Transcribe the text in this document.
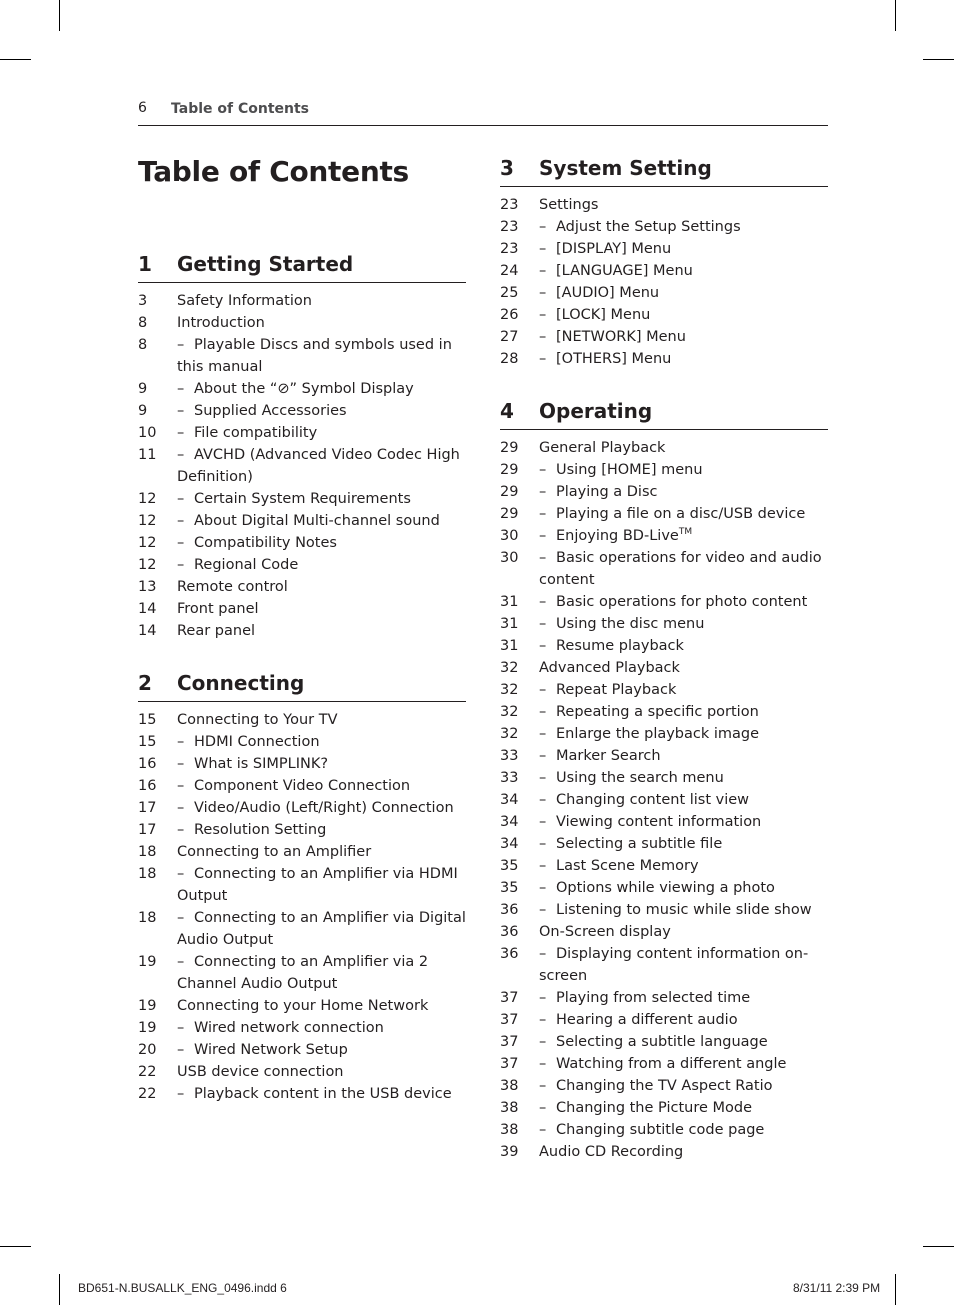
6 Table of Contents
Table of Contents
1 Getting Started
3	Safety Information
8	Introduction
8	– Playable Discs and symbols used in this manual
9	– About the “⊘” Symbol Display
9	– Supplied Accessories
10	– File compatibility
11	– AVCHD (Advanced Video Codec High Definition)
12	– Certain System Requirements
12	– About Digital Multi-channel sound
12	– Compatibility Notes
12	– Regional Code
13	Remote control
14	Front panel
14	Rear panel
2 Connecting
15	Connecting to Your TV
15	– HDMI Connection
16	– What is SIMPLINK?
16	– Component Video Connection
17	– Video/Audio (Left/Right) Connection
17	– Resolution Setting
18	Connecting to an Amplifier
18	– Connecting to an Amplifier via HDMI Output
18	– Connecting to an Amplifier via Digital Audio Output
19	– Connecting to an Amplifier via 2 Channel Audio Output
19	Connecting to your Home Network
19	– Wired network connection
20	– Wired Network Setup
22	USB device connection
22	– Playback content in the USB device
3 System Setting
23	Settings
23	– Adjust the Setup Settings
23	– [DISPLAY] Menu
24	– [LANGUAGE] Menu
25	– [AUDIO] Menu
26	– [LOCK] Menu
27	– [NETWORK] Menu
28	– [OTHERS] Menu
4 Operating
29	General Playback
29	– Using [HOME] menu
29	– Playing a Disc
29	– Playing a file on a disc/USB device
30	– Enjoying BD-Live™
30	– Basic operations for video and audio content
31	– Basic operations for photo content
31	– Using the disc menu
31	– Resume playback
32	Advanced Playback
32	– Repeat Playback
32	– Repeating a specific portion
32	– Enlarge the playback image
33	– Marker Search
33	– Using the search menu
34	– Changing content list view
34	– Viewing content information
34	– Selecting a subtitle file
35	– Last Scene Memory
35	– Options while viewing a photo
36	– Listening to music while slide show
36	On-Screen display
36	– Displaying content information on-screen
37	– Playing from selected time
37	– Hearing a different audio
37	– Selecting a subtitle language
37	– Watching from a different angle
38	– Changing the TV Aspect Ratio
38	– Changing the Picture Mode
38	– Changing subtitle code page
39	Audio CD Recording
BD651-N.BUSALLK_ENG_0496.indd 6	8/31/11 2:39 PM
